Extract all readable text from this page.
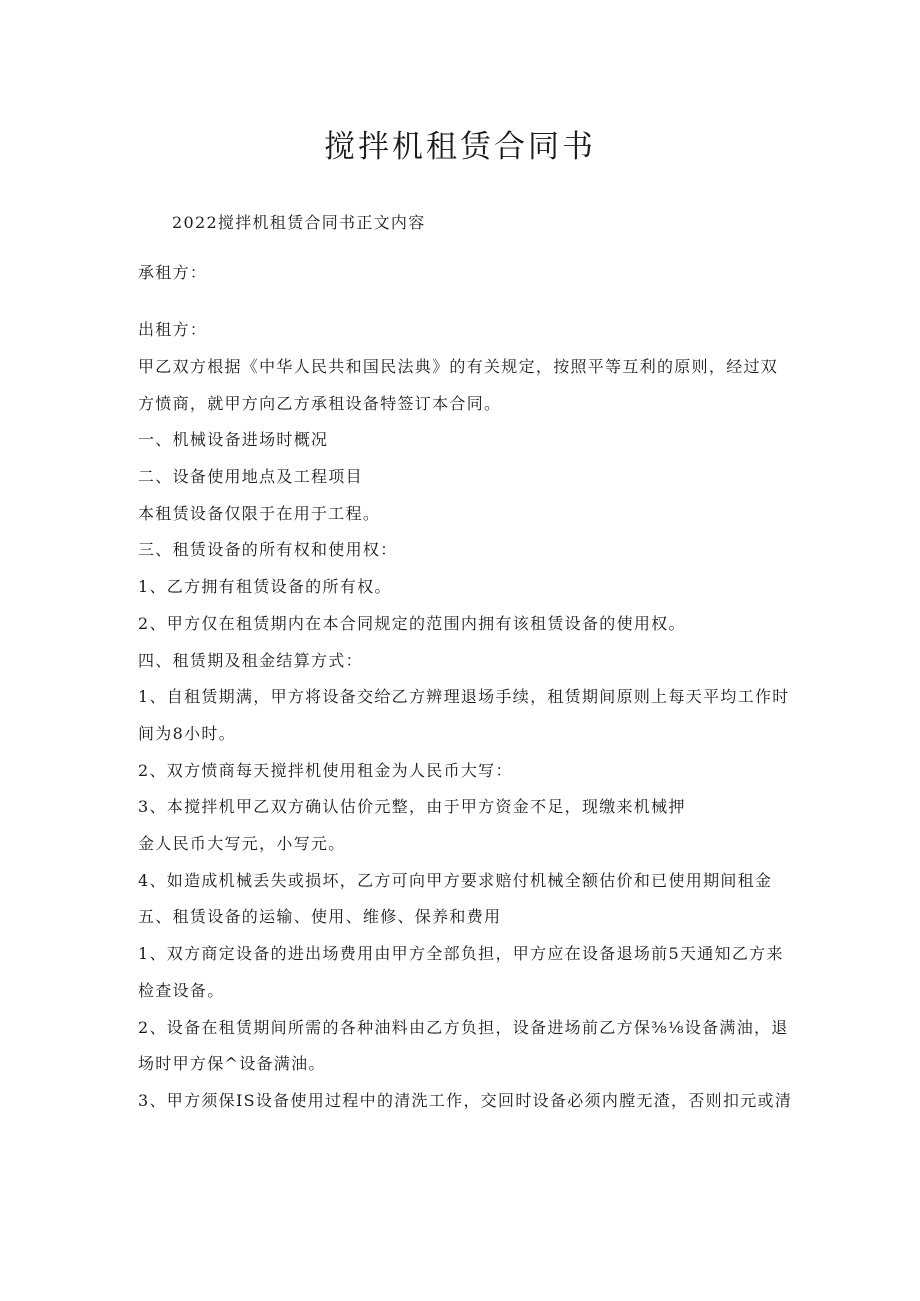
搅拌机租赁合同书
2022搅拌机租赁合同书正文内容
承租方：
出租方：
甲乙双方根据《中华人民共和国民法典》的有关规定，按照平等互利的原则，经过双
方愤商，就甲方向乙方承租设备特签订本合同。
一、机械设备进场时概况
二、设备使用地点及工程项目
本租赁设备仅限于在用于工程。
三、租赁设备的所有权和使用权：
1、乙方拥有租赁设备的所有权。
2、甲方仅在租赁期内在本合同规定的范围内拥有该租赁设备的使用权。
四、租赁期及租金结算方式：
1、自租赁期满，甲方将设备交给乙方辨理退场手续，租赁期间原则上每天平均工作时
间为8小时。
2、双方愤商每天搅拌机使用租金为人民币大写：
3、本搅拌机甲乙双方确认估价元整，由于甲方资金不足，现缴来机械押
金人民币大写元，小写元。
4、如造成机械丢失或损坏，乙方可向甲方要求赔付机械全额估价和已使用期间租金
五、租赁设备的运输、使用、维修、保养和费用
1、双方商定设备的进出场费用由甲方全部负担，甲方应在设备退场前5天通知乙方来
检查设备。
2、设备在租赁期间所需的各种油料由乙方负担，设备进场前乙方保⅜⅛设备满油，退
场时甲方保^设备满油。
3、甲方须保IS设备使用过程中的清洗工作，交回时设备必须内膛无渣，否则扣元或清
